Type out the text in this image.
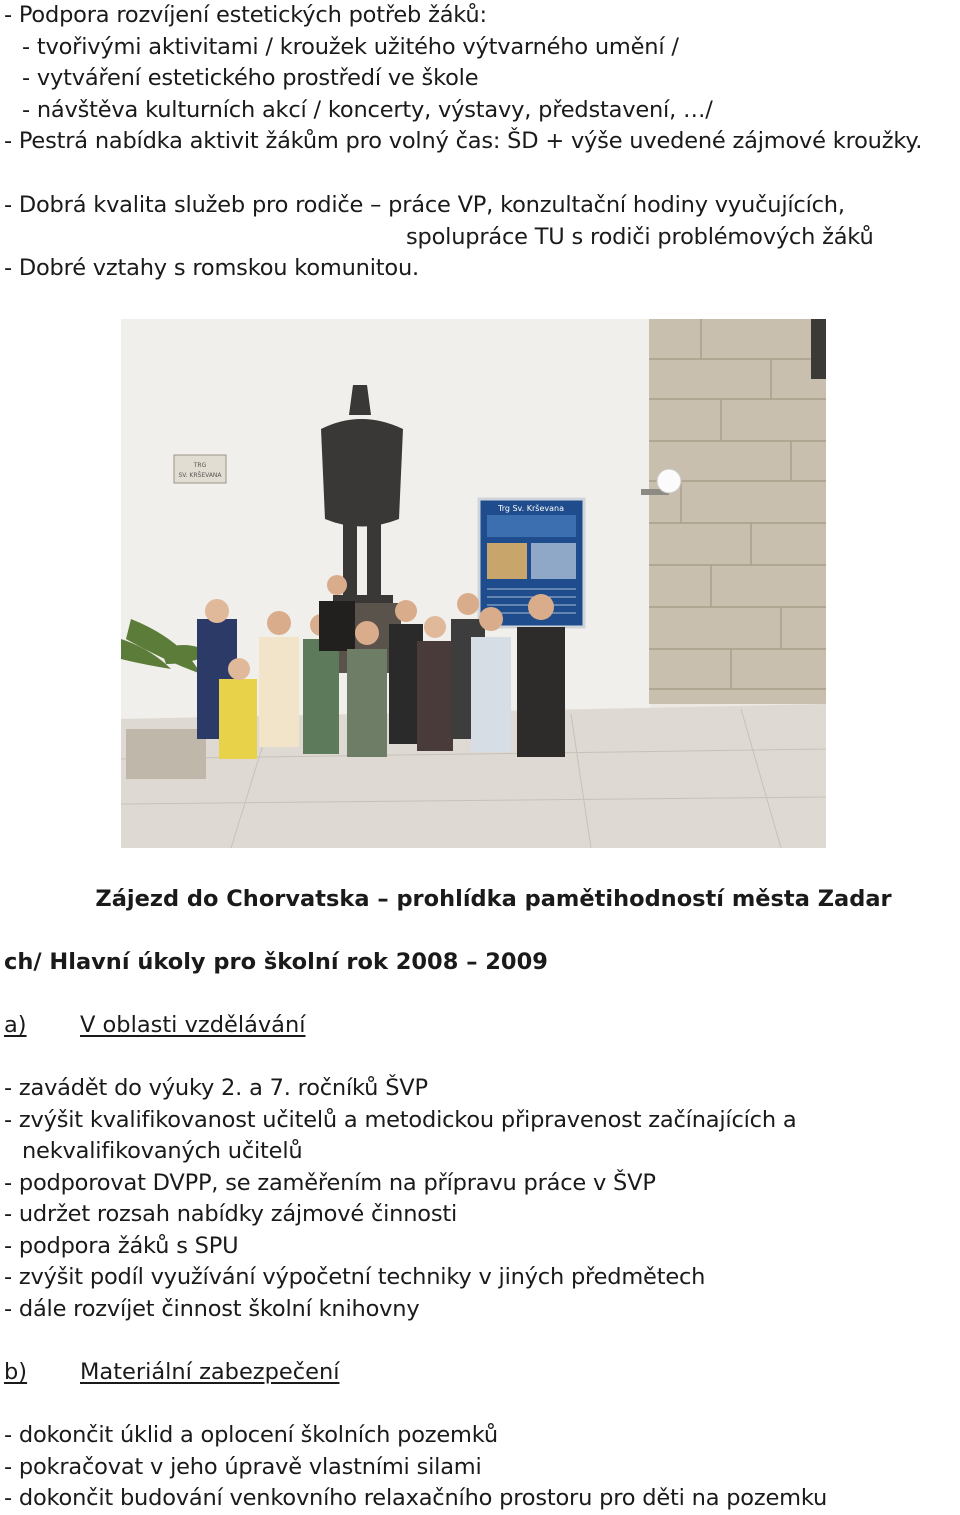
- Podpora rozvíjení estetických potřeb žáků:
- tvořivými aktivitami / kroužek užitého výtvarného umění /
- vytváření estetického prostředí ve škole
- návštěva kulturních akcí / koncerty, výstavy, představení, …/
- Pestrá nabídka aktivit žákům pro volný čas: ŠD + výše uvedené zájmové kroužky.
- Dobrá kvalita služeb pro rodiče – práce VP, konzultační hodiny vyučujících,
spolupráce TU s rodiči problémových žáků
- Dobré vztahy s romskou komunitou.
TRG
SV. KRŠEVANA
Trg Sv. Krševana
Zájezd do Chorvatska – prohlídka pamětihodností města Zadar
ch/ Hlavní úkoly pro školní rok 2008 – 2009
a) V oblasti vzdělávání
- zavádět do výuky 2. a 7. ročníků ŠVP
- zvýšit kvalifikovanost učitelů a metodickou připravenost začínajících a
nekvalifikovaných učitelů
- podporovat DVPP, se zaměřením na přípravu práce v ŠVP
- udržet rozsah nabídky zájmové činnosti
- podpora žáků s SPU
- zvýšit podíl využívání výpočetní techniky v jiných předmětech
- dále rozvíjet činnost školní knihovny
b) Materiální zabezpečení
- dokončit úklid a oplocení školních pozemků
- pokračovat v jeho úpravě vlastními silami
- dokončit budování venkovního relaxačního prostoru pro děti na pozemku
